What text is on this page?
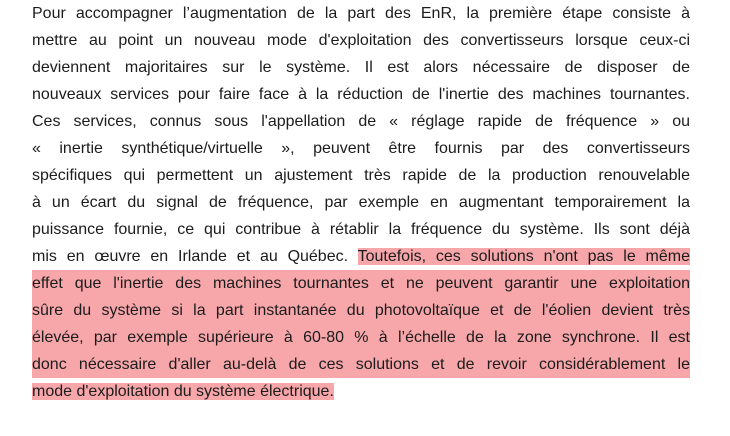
Pour accompagner l’augmentation de la part des EnR, la première étape consiste à
mettre au point un nouveau mode d'exploitation des convertisseurs lorsque ceux-ci
deviennent majoritaires sur le système. Il est alors nécessaire de disposer de
nouveaux services pour faire face à la réduction de l'inertie des machines tournantes.
Ces services, connus sous l'appellation de « réglage rapide de fréquence » ou
« inertie synthétique/virtuelle », peuvent être fournis par des convertisseurs
spécifiques qui permettent un ajustement très rapide de la production renouvelable
à un écart du signal de fréquence, par exemple en augmentant temporairement la
puissance fournie, ce qui contribue à rétablir la fréquence du système. Ils sont déjà
mis en œuvre en Irlande et au Québec. Toutefois, ces solutions n'ont pas le même
effet que l'inertie des machines tournantes et ne peuvent garantir une exploitation
sûre du système si la part instantanée du photovoltaïque et de l'éolien devient très
élevée, par exemple supérieure à 60-80 % à l’échelle de la zone synchrone. Il est
donc nécessaire d'aller au-delà de ces solutions et de revoir considérablement le
mode d'exploitation du système électrique.
